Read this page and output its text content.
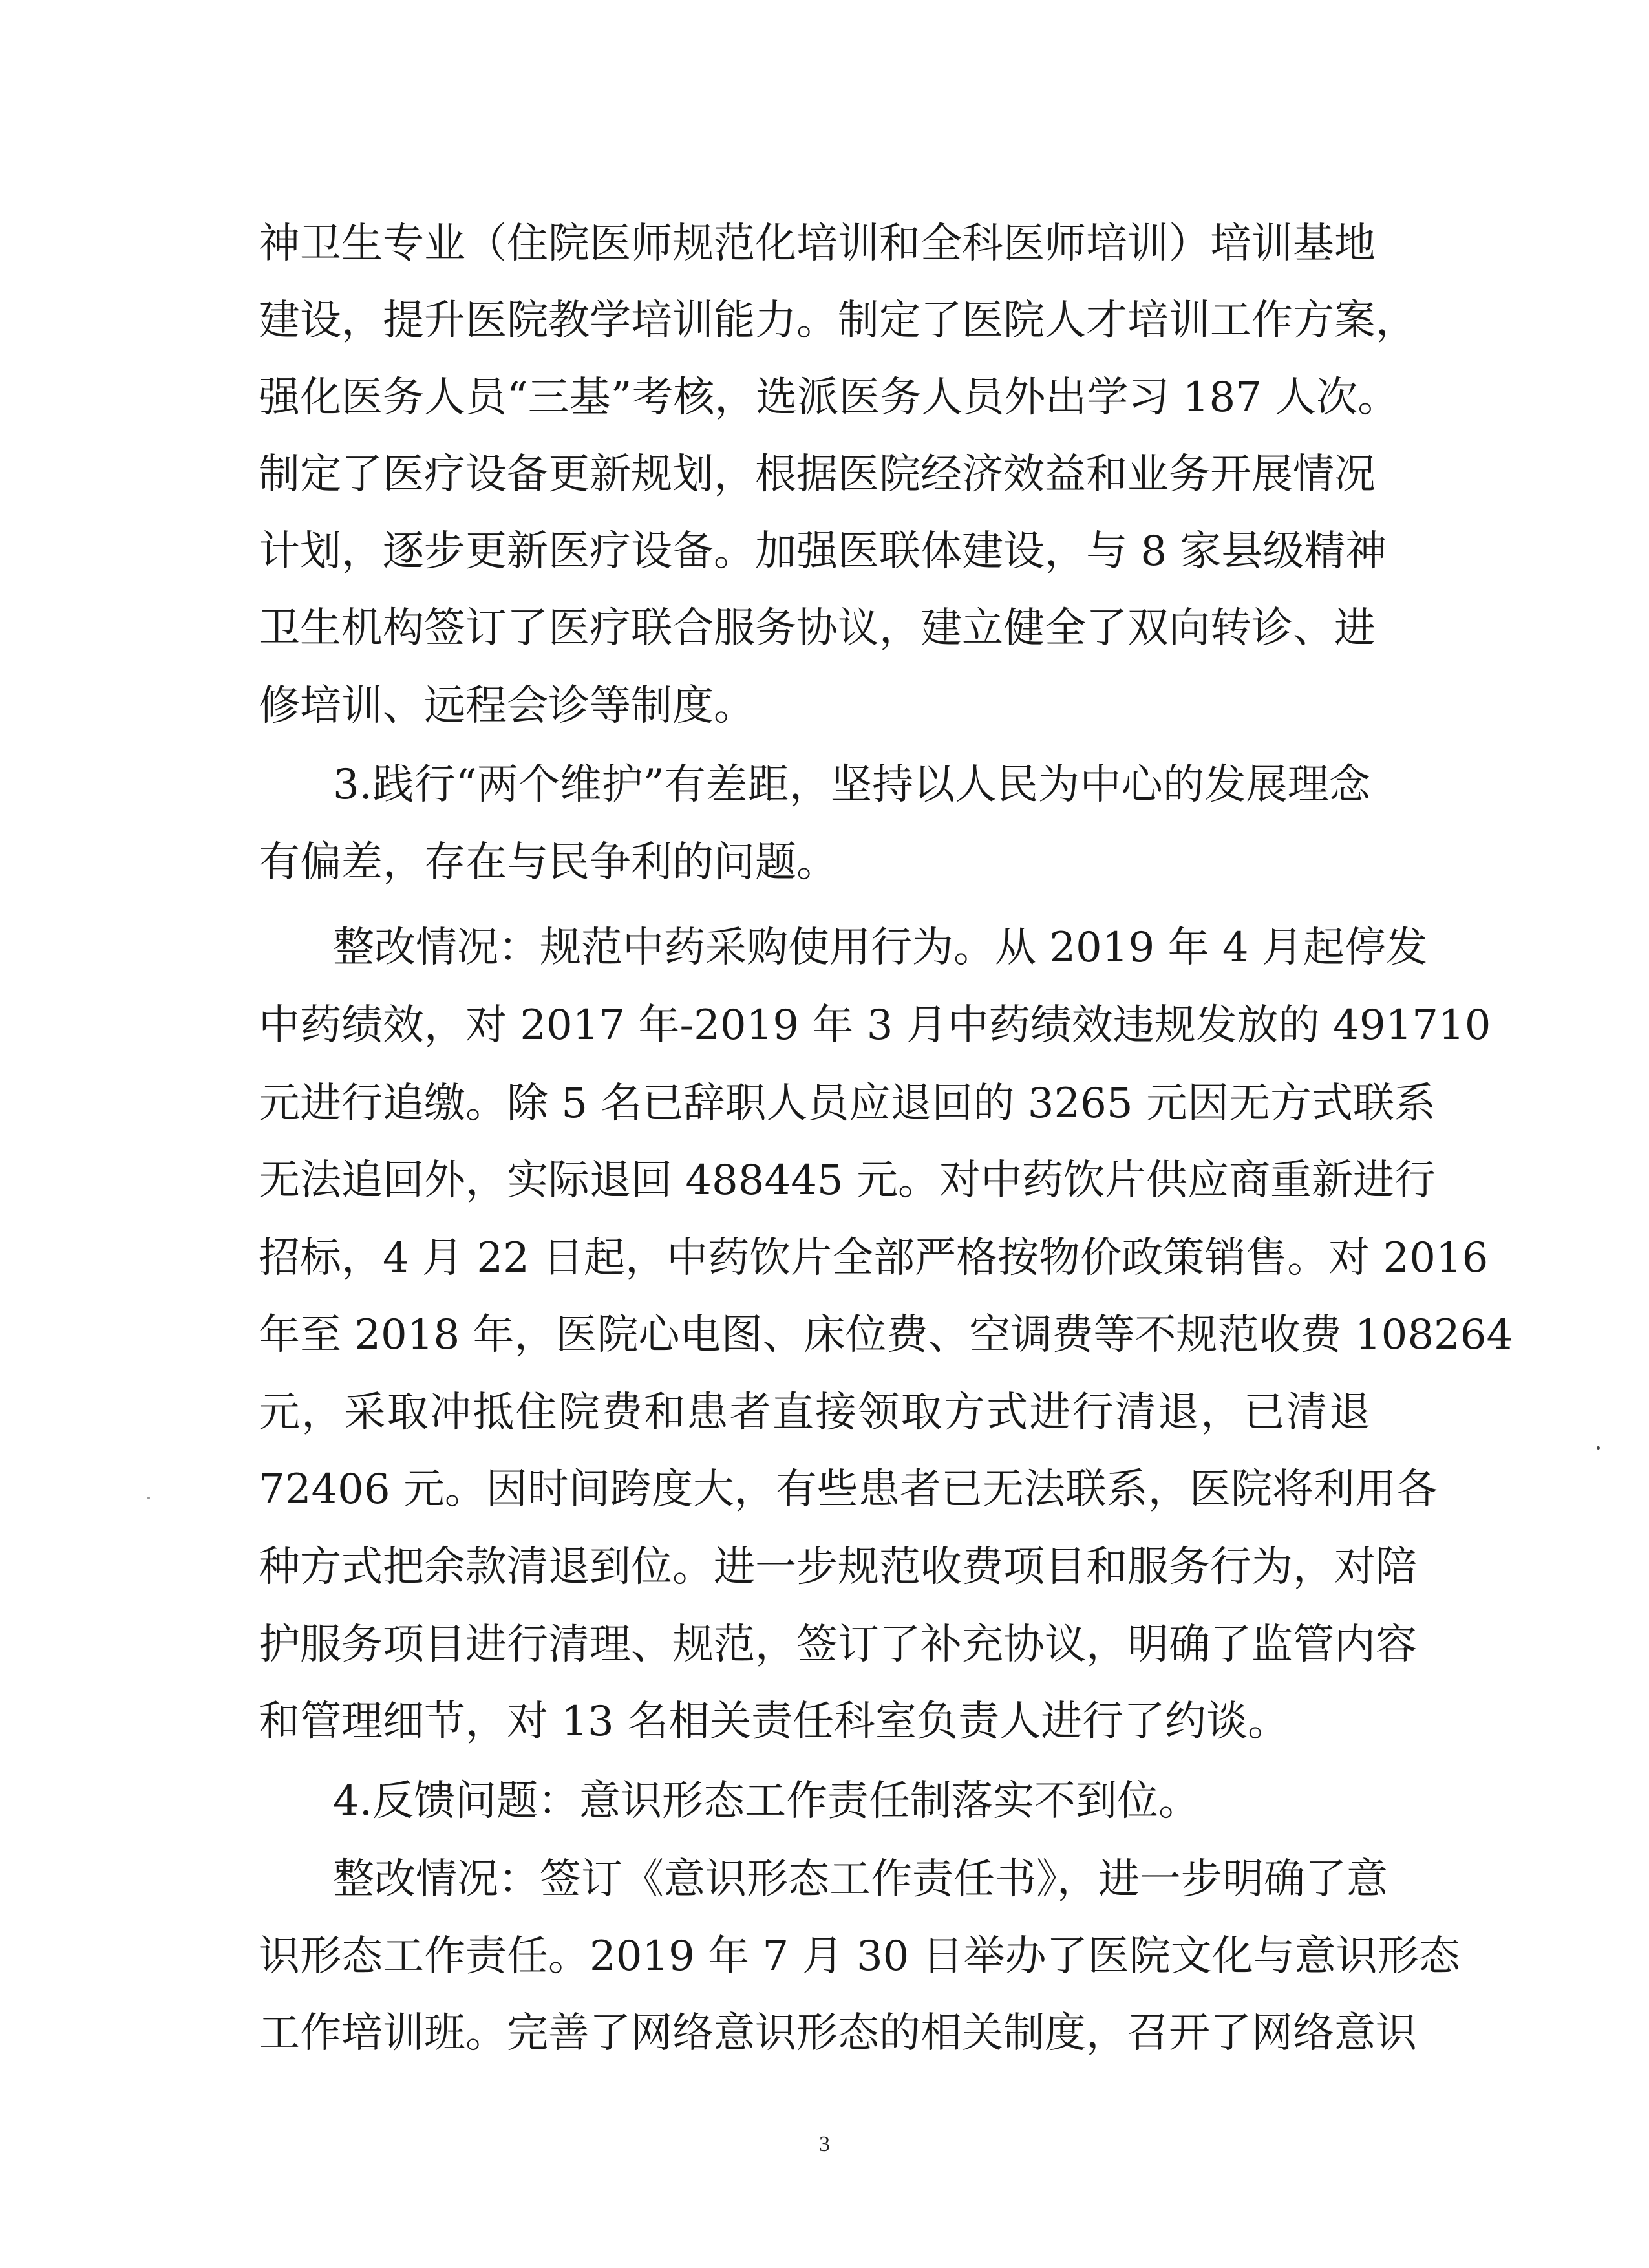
神卫生专业（住院医师规范化培训和全科医师培训）培训基地
建设，提升医院教学培训能力。制定了医院人才培训工作方案，
强化医务人员“三基”考核，选派医务人员外出学习 187 人次。
制定了医疗设备更新规划，根据医院经济效益和业务开展情况
计划，逐步更新医疗设备。加强医联体建设，与 8 家县级精神
卫生机构签订了医疗联合服务协议，建立健全了双向转诊、进
修培训、远程会诊等制度。
3.践行“两个维护”有差距，坚持以人民为中心的发展理念
有偏差，存在与民争利的问题。
整改情况：规范中药采购使用行为。从 2019 年 4 月起停发
中药绩效，对 2017 年-2019 年 3 月中药绩效违规发放的 491710
元进行追缴。除 5 名已辞职人员应退回的 3265 元因无方式联系
无法追回外，实际退回 488445 元。对中药饮片供应商重新进行
招标，4 月 22 日起，中药饮片全部严格按物价政策销售。对 2016
年至 2018 年，医院心电图、床位费、空调费等不规范收费 108264
元，采取冲抵住院费和患者直接领取方式进行清退，已清退
72406 元。因时间跨度大，有些患者已无法联系，医院将利用各
种方式把余款清退到位。进一步规范收费项目和服务行为，对陪
护服务项目进行清理、规范，签订了补充协议，明确了监管内容
和管理细节，对 13 名相关责任科室负责人进行了约谈。
4.反馈问题：意识形态工作责任制落实不到位。
整改情况：签订《意识形态工作责任书》，进一步明确了意
识形态工作责任。2019 年 7 月 30 日举办了医院文化与意识形态
工作培训班。完善了网络意识形态的相关制度，召开了网络意识
3
